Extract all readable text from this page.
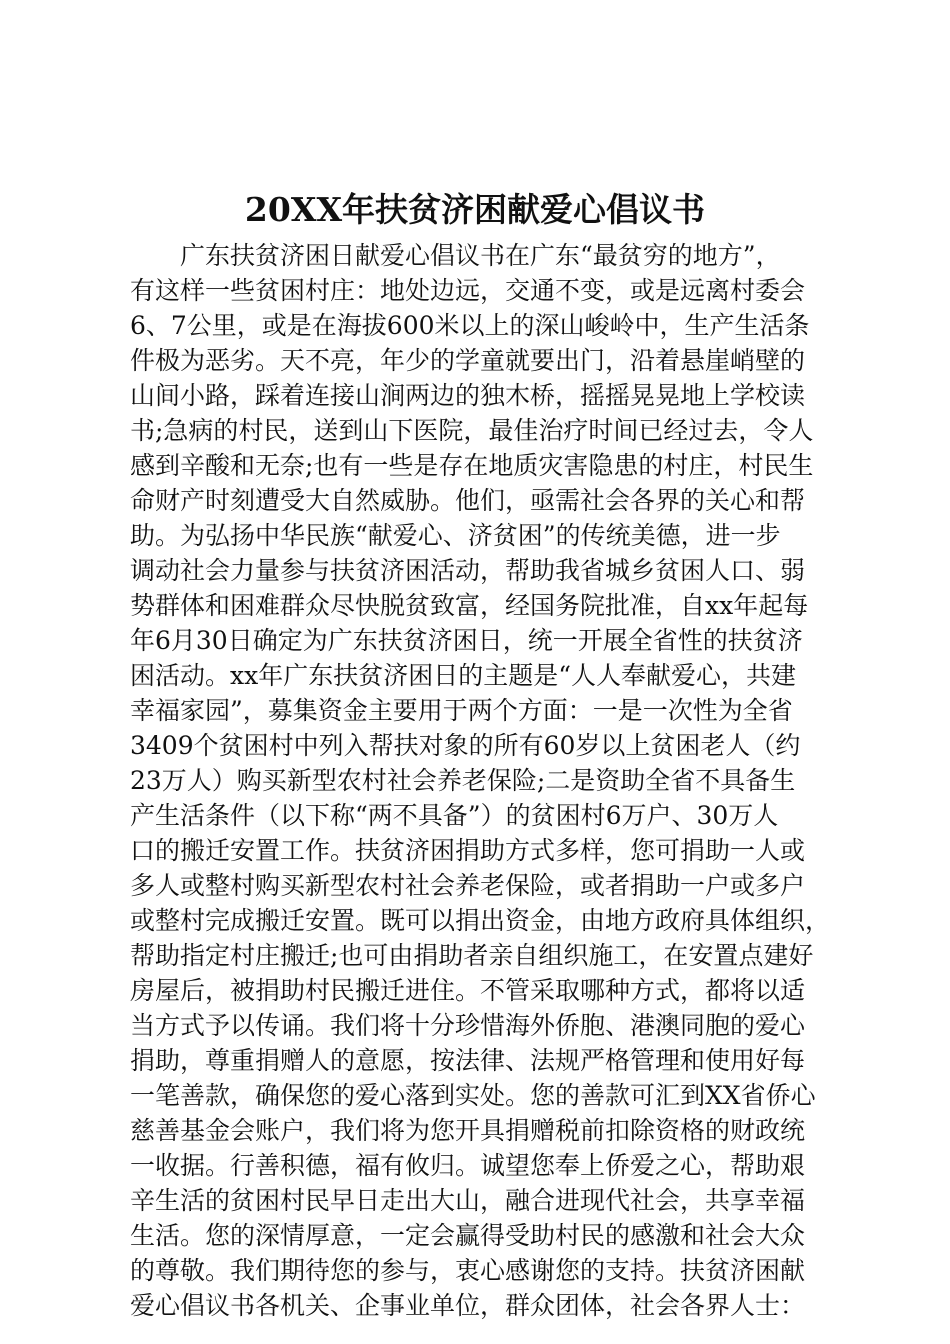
20XX年扶贫济困献爱心倡议书
广东扶贫济困日献爱心倡议书在广东“最贫穷的地方”，
有这样一些贫困村庄：地处边远，交通不变，或是远离村委会
6、7公里，或是在海拔600米以上的深山峻岭中，生产生活条
件极为恶劣。天不亮，年少的学童就要出门，沿着悬崖峭壁的
山间小路，踩着连接山涧两边的独木桥，摇摇晃晃地上学校读
书;急病的村民，送到山下医院，最佳治疗时间已经过去，令人
感到辛酸和无奈;也有一些是存在地质灾害隐患的村庄，村民生
命财产时刻遭受大自然威胁。他们，亟需社会各界的关心和帮
助。为弘扬中华民族“献爱心、济贫困”的传统美德，进一步
调动社会力量参与扶贫济困活动，帮助我省城乡贫困人口、弱
势群体和困难群众尽快脱贫致富，经国务院批准，自xx年起每
年6月30日确定为广东扶贫济困日，统一开展全省性的扶贫济
困活动。xx年广东扶贫济困日的主题是“人人奉献爱心，共建
幸福家园”，募集资金主要用于两个方面：一是一次性为全省
3409个贫困村中列入帮扶对象的所有60岁以上贫困老人（约
23万人）购买新型农村社会养老保险;二是资助全省不具备生
产生活条件（以下称“两不具备”）的贫困村6万户、30万人
口的搬迁安置工作。扶贫济困捐助方式多样，您可捐助一人或
多人或整村购买新型农村社会养老保险，或者捐助一户或多户
或整村完成搬迁安置。既可以捐出资金，由地方政府具体组织，
帮助指定村庄搬迁;也可由捐助者亲自组织施工，在安置点建好
房屋后，被捐助村民搬迁进住。不管采取哪种方式，都将以适
当方式予以传诵。我们将十分珍惜海外侨胞、港澳同胞的爱心
捐助，尊重捐赠人的意愿，按法律、法规严格管理和使用好每
一笔善款，确保您的爱心落到实处。您的善款可汇到XX省侨心
慈善基金会账户，我们将为您开具捐赠税前扣除资格的财政统
一收据。行善积德，福有攸归。诚望您奉上侨爱之心，帮助艰
辛生活的贫困村民早日走出大山，融合进现代社会，共享幸福
生活。您的深情厚意，一定会赢得受助村民的感激和社会大众
的尊敬。我们期待您的参与，衷心感谢您的支持。扶贫济困献
爱心倡议书各机关、企事业单位，群众团体，社会各界人士：
